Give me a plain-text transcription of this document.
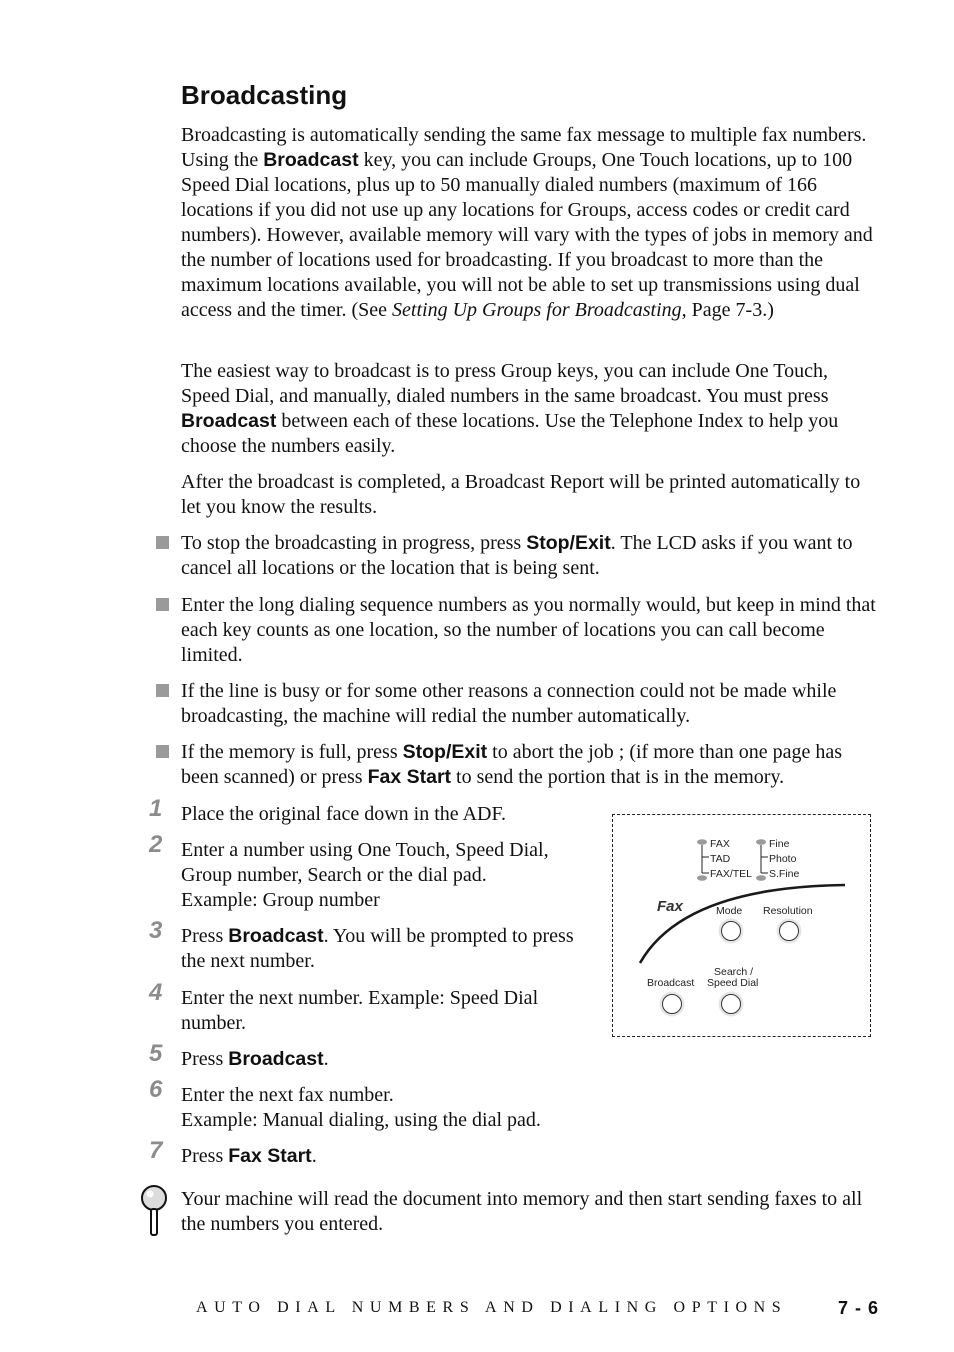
Broadcasting

Broadcasting is automatically sending the same fax message to multiple fax numbers. Using the Broadcast key, you can include Groups, One Touch locations, up to 100 Speed Dial locations, plus up to 50 manually dialed numbers (maximum of 166 locations if you did not use up any locations for Groups, access codes or credit card numbers). However, available memory will vary with the types of jobs in memory and the number of locations used for broadcasting. If you broadcast to more than the maximum locations available, you will not be able to set up transmissions using dual access and the timer. (See Setting Up Groups for Broadcasting, Page 7-3.)

The easiest way to broadcast is to press Group keys, you can include One Touch, Speed Dial, and manually, dialed numbers in the same broadcast. You must press Broadcast between each of these locations. Use the Telephone Index to help you choose the numbers easily.

After the broadcast is completed, a Broadcast Report will be printed automatically to let you know the results.

To stop the broadcasting in progress, press Stop/Exit. The LCD asks if you want to cancel all locations or the location that is being sent.
Enter the long dialing sequence numbers as you normally would, but keep in mind that each key counts as one location, so the number of locations you can call become limited.
If the line is busy or for some other reasons a connection could not be made while broadcasting, the machine will redial the number automatically.
If the memory is full, press Stop/Exit to abort the job ; (if more than one page has been scanned) or press Fax Start to send the portion that is in the memory.
1 Place the original face down in the ADF.
2 Enter a number using One Touch, Speed Dial, Group number, Search or the dial pad.
Example: Group number
3 Press Broadcast. You will be prompted to press the next number.
4 Enter the next number. Example: Speed Dial number.
5 Press Broadcast.
6 Enter the next fax number.
Example: Manual dialing, using the dial pad.
7 Press Fax Start.
FAX
TAD
FAX/TEL
Fine
Photo
S.Fine
Fax	Mode Resolution
Search /
Speed Dial
Broadcast

Your machine will read the document into memory and then start sending faxes to all the numbers you entered.

AUTO DIAL NUMBERS AND DIALING OPTIONS	7 - 6
